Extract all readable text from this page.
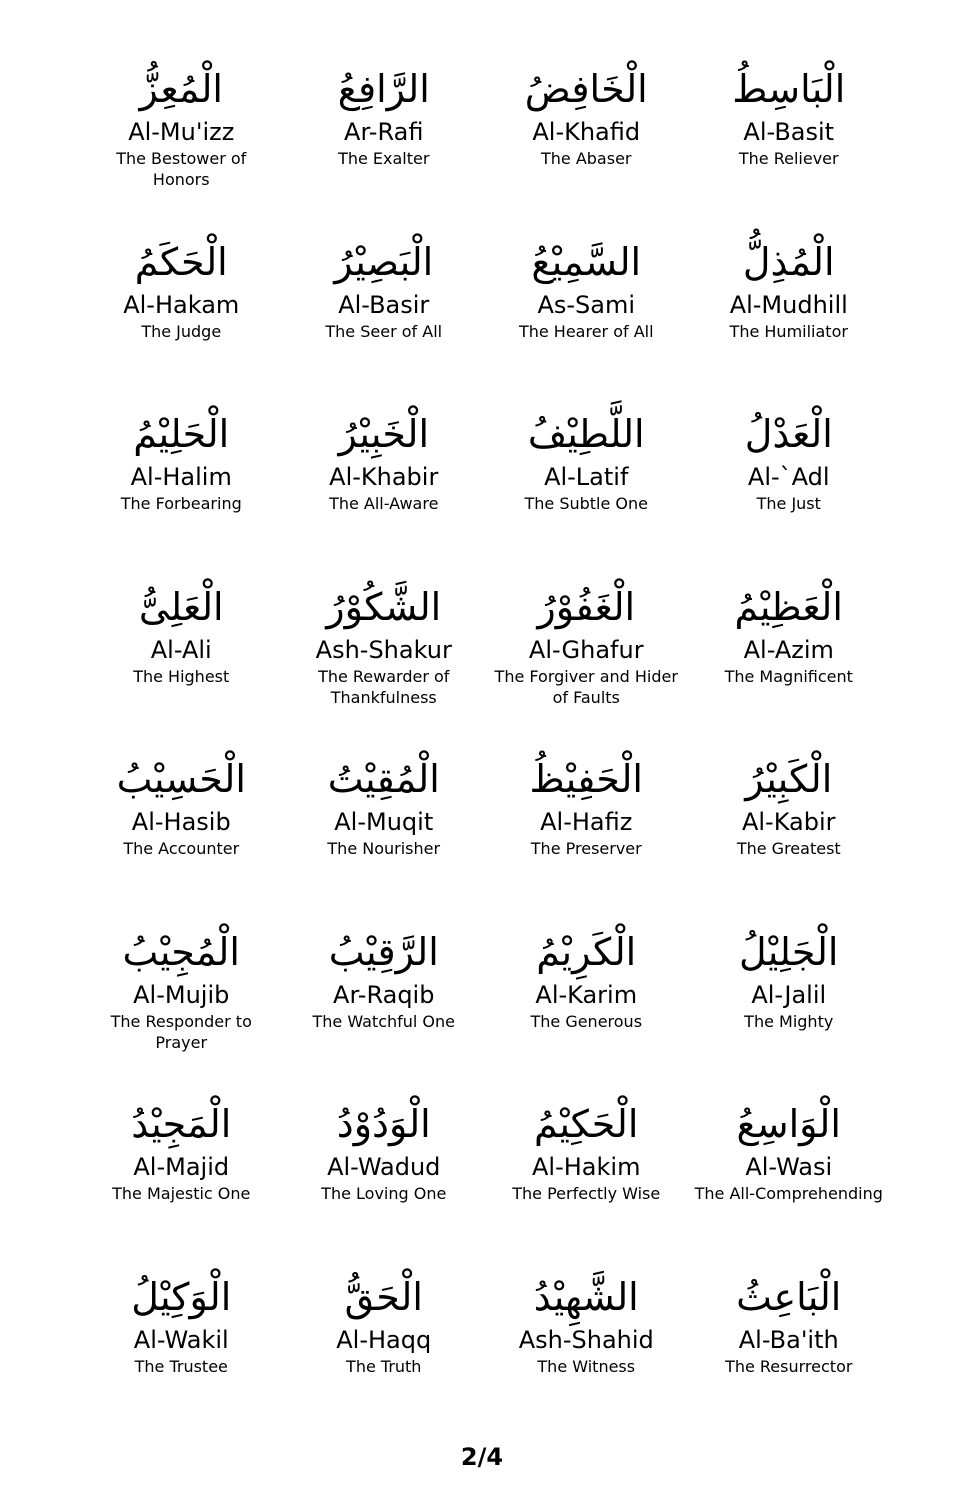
الْمُعِزُّ
Al-Mu'izz
The Bestower of Honors
الرَّافِعُ
Ar-Rafi
The Exalter
الْخَافِضُ
Al-Khafid
The Abaser
الْبَاسِطُ
Al-Basit
The Reliever
الْحَكَمُ
Al-Hakam
The Judge
الْبَصِيْرُ
Al-Basir
The Seer of All
السَّمِيْعُ
As-Sami
The Hearer of All
الْمُذِلُّ
Al-Mudhill
The Humiliator
الْحَلِيْمُ
Al-Halim
The Forbearing
الْخَبِيْرُ
Al-Khabir
The All-Aware
اللَّطِيْفُ
Al-Latif
The Subtle One
الْعَدْلُ
Al-`Adl
The Just
الْعَلِىُّ
Al-Ali
The Highest
الشَّكُوْرُ
Ash-Shakur
The Rewarder of Thankfulness
الْغَفُوْرُ
Al-Ghafur
The Forgiver and Hider of Faults
الْعَظِيْمُ
Al-Azim
The Magnificent
الْحَسِيْبُ
Al-Hasib
The Accounter
الْمُقِيْتُ
Al-Muqit
The Nourisher
الْحَفِيْظُ
Al-Hafiz
The Preserver
الْكَبِيْرُ
Al-Kabir
The Greatest
الْمُجِيْبُ
Al-Mujib
The Responder to Prayer
الرَّقِيْبُ
Ar-Raqib
The Watchful One
الْكَرِيْمُ
Al-Karim
The Generous
الْجَلِيْلُ
Al-Jalil
The Mighty
الْمَجِيْدُ
Al-Majid
The Majestic One
الْوَدُوْدُ
Al-Wadud
The Loving One
الْحَكِيْمُ
Al-Hakim
The Perfectly Wise
الْوَاسِعُ
Al-Wasi
The All-Comprehending
الْوَكِيْلُ
Al-Wakil
The Trustee
الْحَقُّ
Al-Haqq
The Truth
الشَّهِيْدُ
Ash-Shahid
The Witness
الْبَاعِثُ
Al-Ba'ith
The Resurrector
2/4
